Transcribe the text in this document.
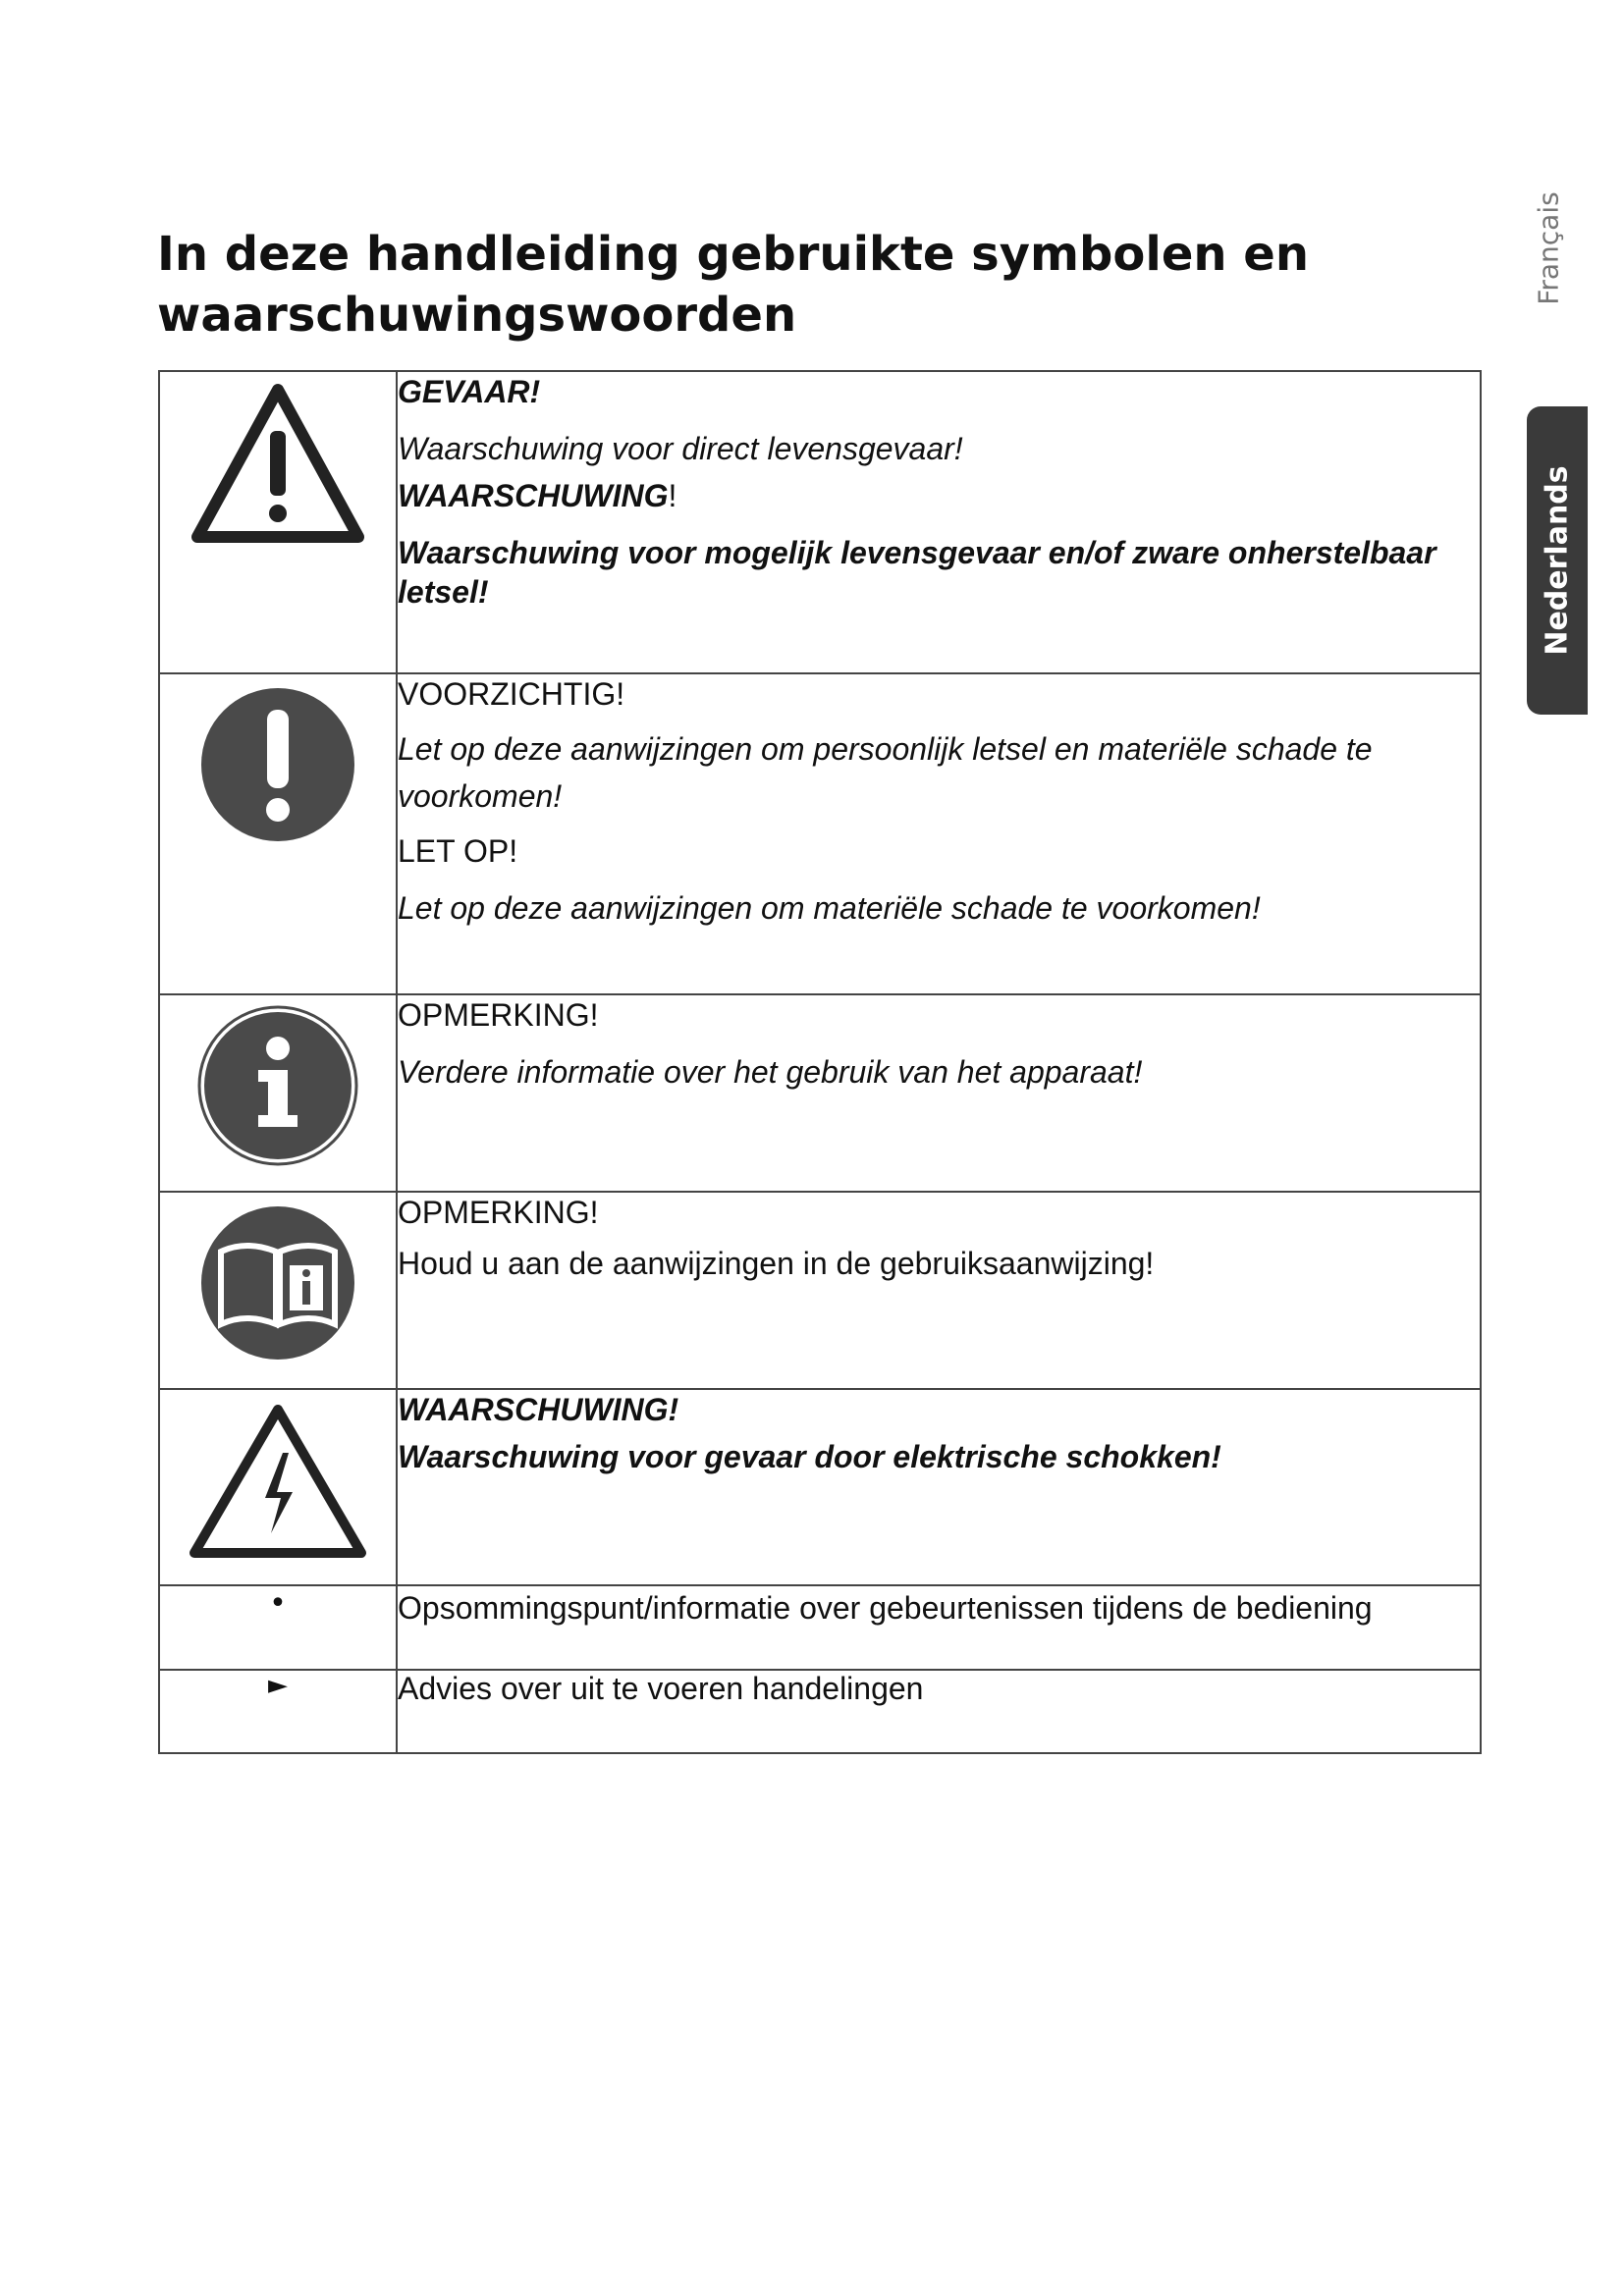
In deze handleiding gebruikte symbolen en
waarschuwingswoorden
Français
Nederlands

GEVAAR!

Waarschuwing voor direct levensgevaar!

WAARSCHUWING!

Waarschuwing voor mogelijk levensgevaar en/of zware onherstelbaar letsel!

VOORZICHTIG!

Let op deze aanwijzingen om persoonlijk letsel en materiële schade te voorkomen!

LET OP!

Let op deze aanwijzingen om materiële schade te voorkomen!

OPMERKING!

Verdere informatie over het gebruik van het apparaat!

OPMERKING!

Houd u aan de aanwijzingen in de gebruiksaanwijzing!

WAARSCHUWING!

Waarschuwing voor gevaar door elektrische schokken!

•	Opsommingspunt/informatie over gebeurtenissen tijdens de bediening

►	Advies over uit te voeren handelingen
